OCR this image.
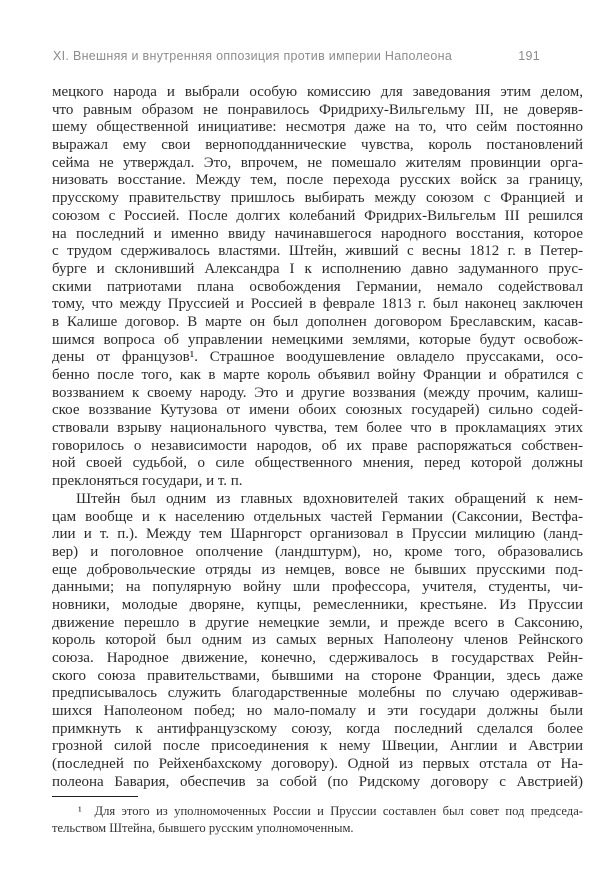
XI. Внешняя и внутренняя оппозиция против империи Наполеона	191
мецкого народа и выбрали особую комиссию для заведования этим делом,
что равным образом не понравилось Фридриху-Вильгельму III, не доверяв-
шему общественной инициативе: несмотря даже на то, что сейм постоянно
выражал ему свои верноподданнические чувства, король постановлений
сейма не утверждал. Это, впрочем, не помешало жителям провинции орга-
низовать восстание. Между тем, после перехода русских войск за границу,
прусскому правительству пришлось выбирать между союзом с Францией и
союзом с Россией. После долгих колебаний Фридрих-Вильгельм III решился
на последний и именно ввиду начинавшегося народного восстания, которое
с трудом сдерживалось властями. Штейн, живший с весны 1812 г. в Петер-
бурге и склонивший Александра I к исполнению давно задуманного прус-
скими патриотами плана освобождения Германии, немало содействовал
тому, что между Пруссией и Россией в феврале 1813 г. был наконец заключен
в Калише договор. В марте он был дополнен договором Бреславским, касав-
шимся вопроса об управлении немецкими землями, которые будут освобож-
дены от французов¹. Страшное воодушевление овладело пруссаками, осо-
бенно после того, как в марте король объявил войну Франции и обратился с
воззванием к своему народу. Это и другие воззвания (между прочим, калиш-
ское воззвание Кутузова от имени обоих союзных государей) сильно содей-
ствовали взрыву национального чувства, тем более что в прокламациях этих
говорилось о независимости народов, об их праве распоряжаться собствен-
ной своей судьбой, о силе общественного мнения, перед которой должны
преклоняться государи, и т. п.
Штейн был одним из главных вдохновителей таких обращений к нем-
цам вообще и к населению отдельных частей Германии (Саксонии, Вестфа-
лии и т. п.). Между тем Шарнгорст организовал в Пруссии милицию (ланд-
вер) и поголовное ополчение (ландштурм), но, кроме того, образовались
еще добровольческие отряды из немцев, вовсе не бывших прусскими под-
данными; на популярную войну шли профессора, учителя, студенты, чи-
новники, молодые дворяне, купцы, ремесленники, крестьяне. Из Пруссии
движение перешло в другие немецкие земли, и прежде всего в Саксонию,
король которой был одним из самых верных Наполеону членов Рейнского
союза. Народное движение, конечно, сдерживалось в государствах Рейн-
ского союза правительствами, бывшими на стороне Франции, здесь даже
предписывалось служить благодарственные молебны по случаю одерживав-
шихся Наполеоном побед; но мало-помалу и эти государи должны были
примкнуть к антифранцузскому союзу, когда последний сделался более
грозной силой после присоединения к нему Швеции, Англии и Австрии
(последней по Рейхенбахскому договору). Одной из первых отстала от На-
полеона Бавария, обеспечив за собой (по Ридскому договору с Австрией)
¹  Для этого из уполномоченных России и Пруссии составлен был совет под председа-
тельством Штейна, бывшего русским уполномоченным.
